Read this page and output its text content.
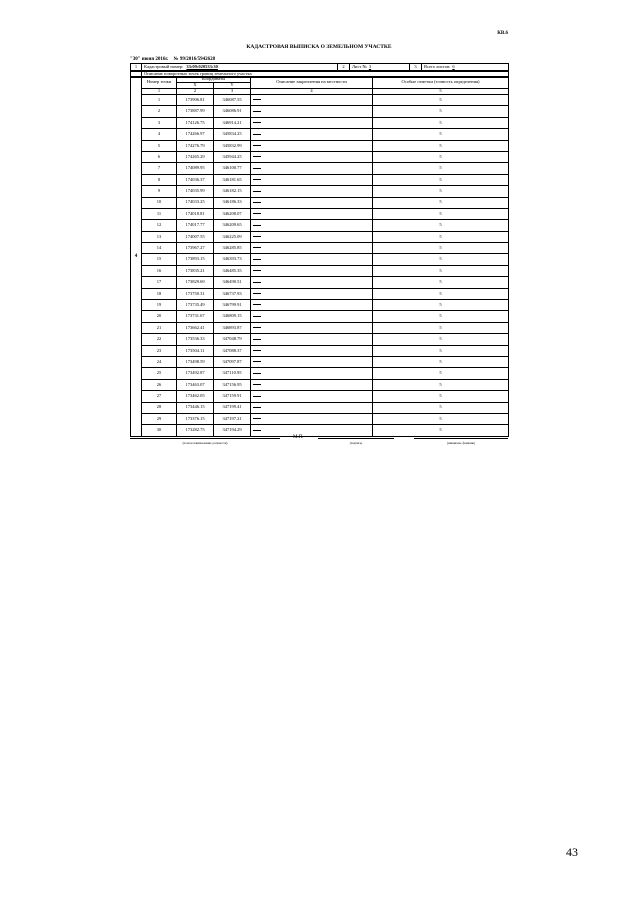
КВ.6
КАДАСТРОВАЯ ВЫПИСКА О ЗЕМЕЛЬНОМ УЧАСТКЕ
"30" июня 2016г. № 99/2016/5942628
1	Кадастровый номер: 33:09:020533:30	2	Лист № 3	3	Всего листов: 6
	Описание поворотных точек границ земельного участка
4	Номер точки	Координаты		Описание закрепления на местности	Особые отметки (точность определения)
		X	Y		
	1	2	3	4	5
	1	173906.81	346087.55		5
	2	173887.99	346086.91		5
	3	174126.75	346914.21		5
	4	174266.97	345834.25		5
	5	174276.79	345832.99		5
	6	174265.29	345944.25		5
	7	174089.95	346100.77		5
	8	174036.37	346181.65		5
	9	174035.99	346182.15		5
	10	174033.25	346186.33		5
	11	174018.81	346208.07		5
	12	174017.77	346209.65		5
	13	174007.55	346225.09		5
	14	173967.27	346285.85		5
	15	173893.15	346393.73		5
	16	173835.21	346485.35		5
	17	173829.69	346490.51		5
	18	173750.31	346737.93		5
	19	173735.49	346799.91		5
	20	173731.67	346809.15		5
	21	173662.41	346893.87		5
	22	173536.33	347048.79		5
	23	173504.11	347088.37		5
	24	173498.59	347097.87		5
	25	173492.87	347110.95		5
	26	173463.07	347156.95		5
	27	173462.05	347159.91		5
	28	173446.15	347199.41		5
	29	173376.15	347197.21		5
	30	173282.75	347194.29		5
(полное наименование должности)
М.П.
(подпись)	(инициалы, фамилия)
43
